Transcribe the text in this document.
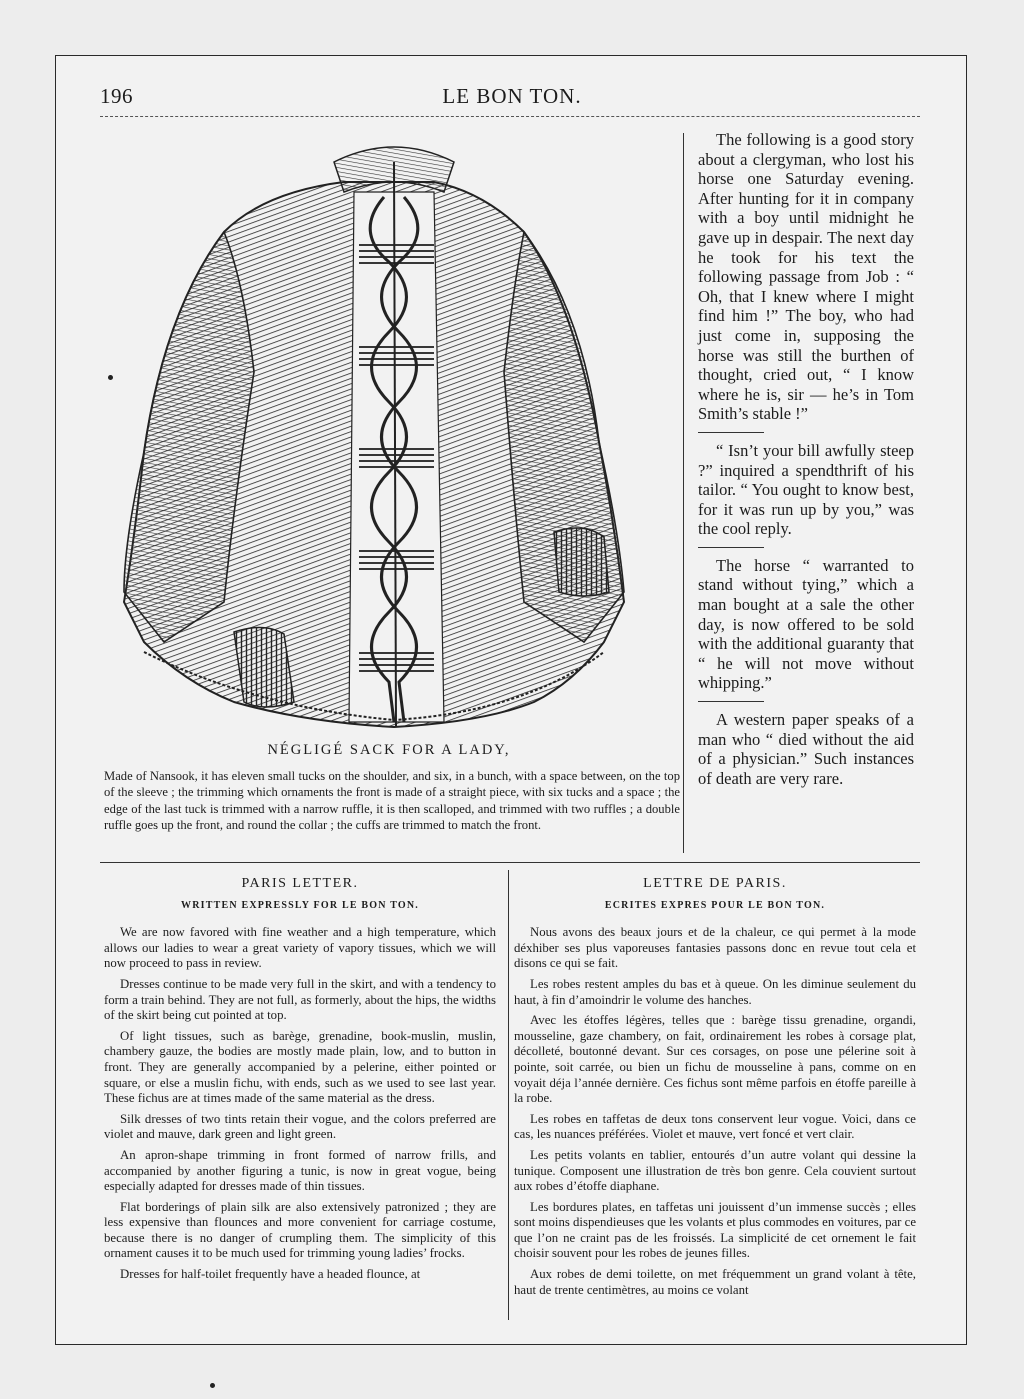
196	LE BON TON.
NÉGLIGÉ SACK FOR A LADY,
Made of Nansook, it has eleven small tucks on the shoulder, and six, in a bunch, with a space between, on the top of the sleeve ; the trimming which ornaments the front is made of a straight piece, with six tucks and a space ; the edge of the last tuck is trimmed with a narrow ruffle, it is then scalloped, and trimmed with two ruffles ; a double ruffle goes up the front, and round the collar ; the cuffs are trimmed to match the front.

The following is a good story about a clergyman, who lost his horse one Saturday evening. After hunting for it in company with a boy until midnight he gave up in despair. The next day he took for his text the following passage from Job : “ Oh, that I knew where I might find him !” The boy, who had just come in, supposing the horse was still the burthen of thought, cried out, “ I know where he is, sir — he’s in Tom Smith’s stable !”

“ Isn’t your bill awfully steep ?” inquired a spendthrift of his tailor. “ You ought to know best, for it was run up by you,” was the cool reply.

The horse “ warranted to stand without tying,” which a man bought at a sale the other day, is now offered to be sold with the additional guaranty that “ he will not move without whipping.”

A western paper speaks of a man who “ died without the aid of a physician.” Such instances of death are very rare.

PARIS LETTER.
WRITTEN EXPRESSLY FOR LE BON TON.

We are now favored with fine weather and a high temperature, which allows our ladies to wear a great variety of vapory tissues, which we will now proceed to pass in review.

Dresses continue to be made very full in the skirt, and with a tendency to form a train behind. They are not full, as formerly, about the hips, the widths of the skirt being cut pointed at top.

Of light tissues, such as barège, grenadine, book-muslin, muslin, chambery gauze, the bodies are mostly made plain, low, and to button in front. They are generally accompanied by a pelerine, either pointed or square, or else a muslin fichu, with ends, such as we used to see last year. These fichus are at times made of the same material as the dress.

Silk dresses of two tints retain their vogue, and the colors preferred are violet and mauve, dark green and light green.

An apron-shape trimming in front formed of narrow frills, and accompanied by another figuring a tunic, is now in great vogue, being especially adapted for dresses made of thin tissues.

Flat borderings of plain silk are also extensively patronized ; they are less expensive than flounces and more convenient for carriage costume, because there is no danger of crumpling them. The simplicity of this ornament causes it to be much used for trimming young ladies’ frocks.

Dresses for half-toilet frequently have a headed flounce, at

LETTRE DE PARIS.
ECRITES EXPRES POUR LE BON TON.

Nous avons des beaux jours et de la chaleur, ce qui permet à la mode déxhiber ses plus vaporeuses fantasies passons donc en revue tout cela et disons ce qui se fait.

Les robes restent amples du bas et à queue. On les diminue seulement du haut, à fin d’amoindrir le volume des hanches.

Avec les étoffes légères, telles que : barège tissu grenadine, organdi, mousseline, gaze chambery, on fait, ordinairement les robes à corsage plat, décolleté, boutonné devant. Sur ces corsages, on pose une pélerine soit à pointe, soit carrée, ou bien un fichu de mousseline à pans, comme on en voyait déja l’année dernière. Ces fichus sont même parfois en étoffe pareille à la robe.

Les robes en taffetas de deux tons conservent leur vogue. Voici, dans ce cas, les nuances préférées. Violet et mauve, vert foncé et vert clair.

Les petits volants en tablier, entourés d’un autre volant qui dessine la tunique. Composent une illustration de très bon genre. Cela couvient surtout aux robes d’étoffe diaphane.

Les bordures plates, en taffetas uni jouissent d’un immense succès ; elles sont moins dispendieuses que les volants et plus commodes en voitures, par ce que l’on ne craint pas de les froissés. La simplicité de cet ornement le fait choisir souvent pour les robes de jeunes filles.

Aux robes de demi toilette, on met fréquemment un grand volant à tête, haut de trente centimètres, au moins ce volant
